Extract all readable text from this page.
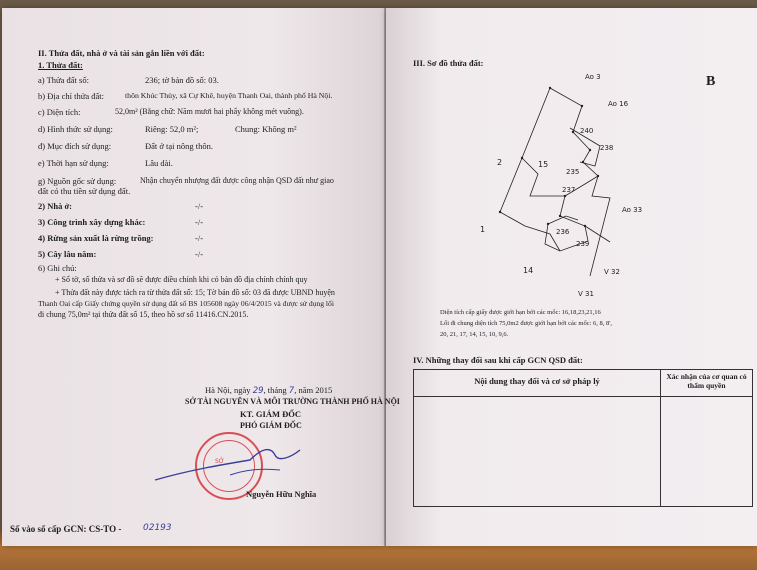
II. Thửa đất, nhà ở và tài sản gắn liền với đất:
1. Thửa đất:
a) Thửa đất số:	236; tờ bản đồ số: 03.
b) Địa chỉ thửa đất:	thôn Khúc Thủy, xã Cự Khê, huyện Thanh Oai, thành phố Hà Nội.
c) Diện tích:	52,0m² (Bằng chữ: Năm mươi hai phẩy không mét vuông).
d) Hình thức sử dụng:	Riêng: 52,0 m²;	Chung: Không m²
đ) Mục đích sử dụng:	Đất ở tại nông thôn.
e) Thời hạn sử dụng:	Lâu dài.
g) Nguồn gốc sử dụng:	Nhận chuyển nhượng đất được công nhận QSD đất như giao
đất có thu tiền sử dụng đất.
2) Nhà ở:	-/-
3) Công trình xây dựng khác:	-/-
4) Rừng sản xuất là rừng trồng:	-/-
5) Cây lâu năm:	-/-
6) Ghi chú:
+ Sổ tờ, số thửa và sơ đồ sẽ được điều chỉnh khi có bản đồ địa chính chính quy
+ Thửa đất này được tách ra từ thửa đất số: 15; Tờ bản đồ số: 03 đã được UBND huyện
Thanh Oai cấp Giấy chứng quyền sử dụng đất số BS 105608 ngày 06/4/2015 và được sử dụng lối
đi chung 75,0m² tại thửa đất số 15, theo hồ sơ số 11416.CN.2015.
Hà Nội, ngày 29, tháng 7, năm 2015
SỞ TÀI NGUYÊN VÀ MÔI TRƯỜNG THÀNH PHỐ HÀ NỘI
KT. GIÁM ĐỐC
PHÓ GIÁM ĐỐC
SỞ
Nguyễn Hữu Nghĩa
Số vào sổ cấp GCN: CS-TO - 02193
III. Sơ đồ thửa đất:
B
Ao 3
Ao 16
Ao 33
2	15
1
14
240
238
235
237
236
239
V 32
V 31
Diện tích cấp giấy được giới hạn bởi các mốc: 16,18,23,21,16
Lối đi chung diện tích 75,0m2 được giới hạn bởi các mốc: 6, 8, 8',
20, 21, 17, 14, 15, 10, 9,6.
IV. Những thay đổi sau khi cấp GCN QSD đất:
Nội dung thay đổi và cơ sở pháp lý	Xác nhận của cơ quan có thẩm quyền
